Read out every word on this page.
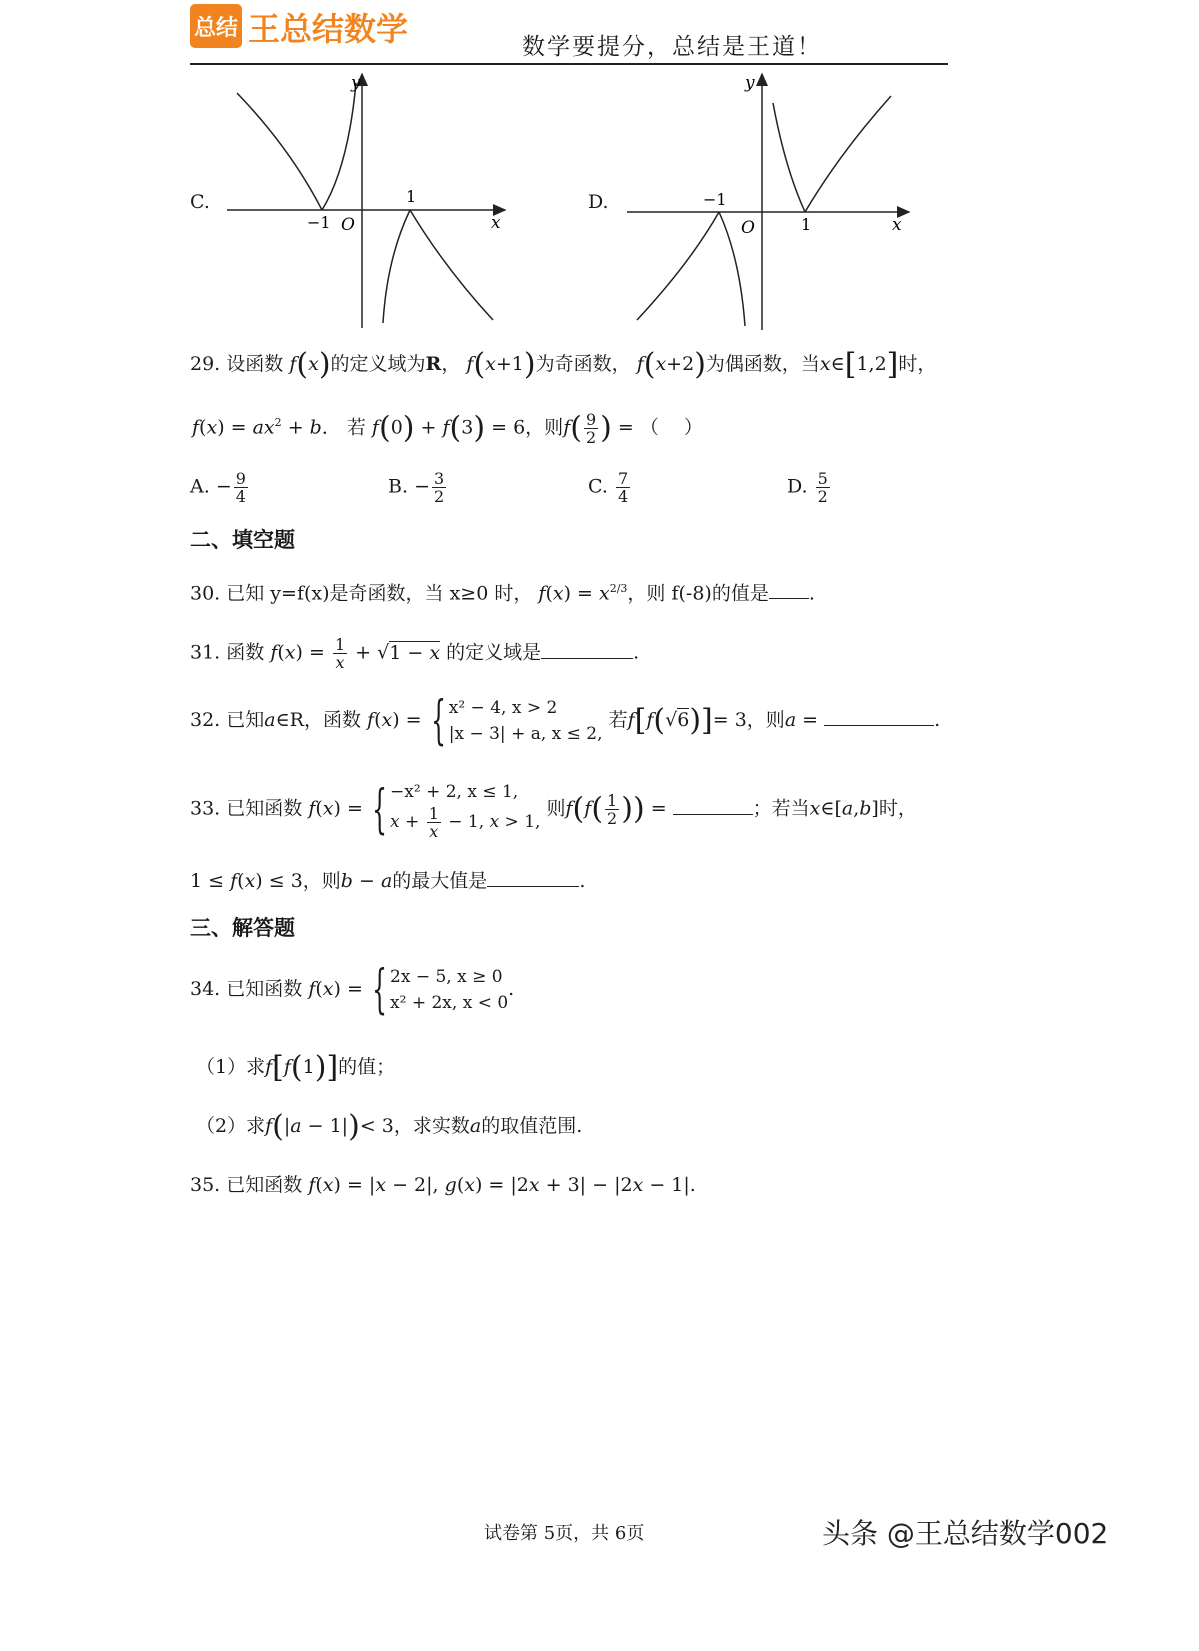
总结 王总结数学	数学要提分，总结是王道！
C.
y
x
O
−1
1	D.
y
x
O
−1
1
29. 设函数 f(x)的定义域为R， f(x+1)为奇函数， f(x+2)为偶函数，当x∈[1,2]时，
$f(x) = ax^2 + b$． 若 f(0) + f(3) = 6，则$f( \frac{9}{2}$ ) = （　 ）
A. − $\frac{9}{4}$	B. − $\frac{3}{2}$	C. $\frac{7}{4}$	D. $\frac{5}{2}$
二、填空题
30. 已知 y=f(x)是奇函数，当 x≥0 时， $f(x) = x^{2/3}$，则 f(-8)的值是 .
31. 函数 $f(x) = \frac{1}{x} + √1 - x$ 的定义域是	.
32. 已知a∈R，函数 f(x) = { x² − 4, x > 2
|x − 3| + a, x ≤ 2,
若f[f(√6)]= 3，则a =	.
33. 已知函数 f(x) = { −x² + 2, x ≤ 1,
$x + \frac{1}{x} - 1$, x > 1,
则$f(f( \frac{1}{2}$ )) =	；若当x∈[a,b]时，
1 ≤ f(x) ≤ 3，则b − a的最大值是	.
三、解答题
34. 已知函数 f(x) = { 2x − 5, x ≥ 0
x² + 2x, x < 0
.
（1）求f[f(1)]的值；
（2）求f(|a − 1|)< 3，求实数a的取值范围.
35. 已知函数 f(x) = |x − 2|, g(x) = |2x + 3| − |2x − 1|.
试卷第 5页，共 6页	头条 @王总结数学002
